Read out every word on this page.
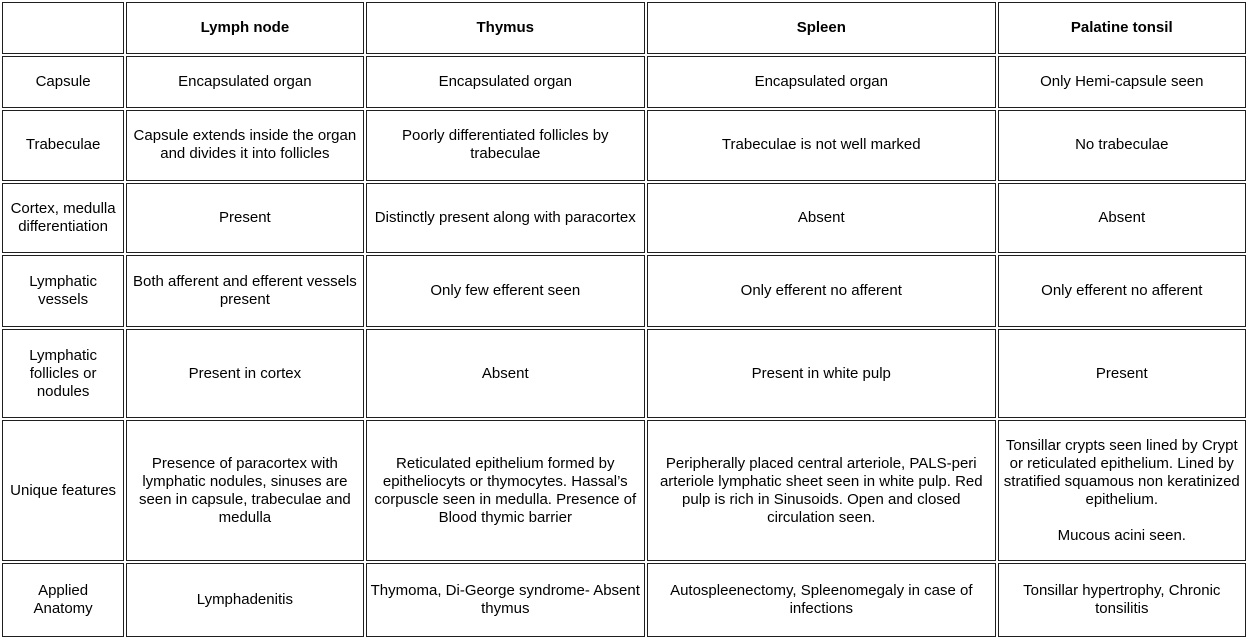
	Lymph node	Thymus	Spleen	Palatine tonsil
Capsule	Encapsulated organ	Encapsulated organ	Encapsulated organ	Only Hemi-capsule seen
Trabeculae	Capsule extends inside the organ and divides it into follicles	Poorly differentiated follicles by trabeculae	Trabeculae is not well marked	No trabeculae
Cortex, medulla differentiation	Present	Distinctly present along with paracortex	Absent	Absent
Lymphatic vessels	Both afferent and efferent vessels present	Only few efferent seen	Only efferent no afferent	Only efferent no afferent
Lymphatic follicles or nodules	Present in cortex	Absent	Present in white pulp	Present
Unique features	Presence of paracortex with lymphatic nodules, sinuses are seen in capsule, trabeculae and medulla	Reticulated epithelium formed by epitheliocyts or thymocytes. Hassal’s corpuscle seen in medulla. Presence of Blood thymic barrier	Peripherally placed central arteriole, PALS-peri arteriole lymphatic sheet seen in white pulp. Red pulp is rich in Sinusoids. Open and closed circulation seen.	Tonsillar crypts seen lined by Crypt or reticulated epithelium. Lined by stratified squamous non keratinized epithelium.

Mucous acini seen.
Applied Anatomy	Lymphadenitis	Thymoma, Di-George syndrome- Absent thymus	Autospleenectomy, Spleenomegaly in case of infections	Tonsillar hypertrophy, Chronic tonsilitis
